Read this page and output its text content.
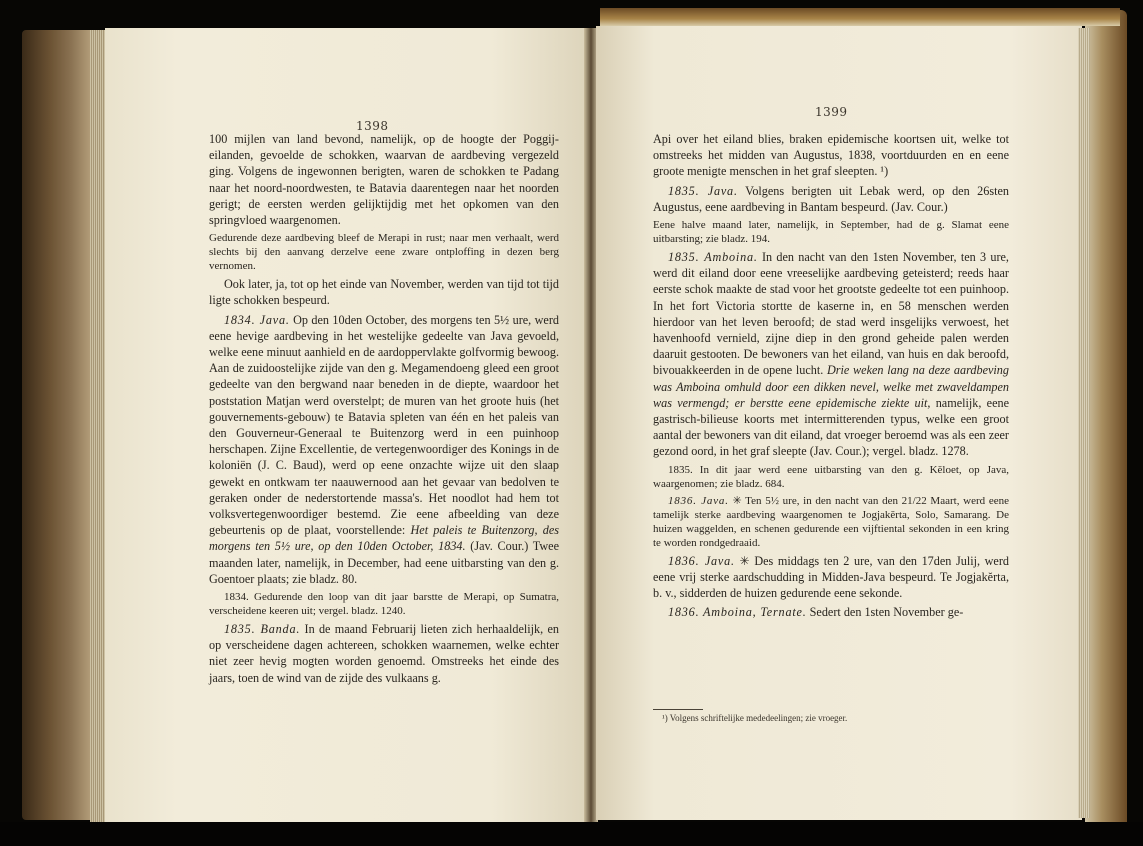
1398

100 mijlen van land bevond, namelijk, op de hoogte der Poggij-eilanden, gevoelde de schokken, waarvan de aardbeving vergezeld ging. Volgens de ingewonnen berigten, waren de schokken te Padang naar het noord-noordwesten, te Batavia daarentegen naar het noorden gerigt; de eersten werden gelijktijdig met het opkomen van den springvloed waargenomen.

Gedurende deze aardbeving bleef de Merapi in rust; naar men verhaalt, werd slechts bij den aanvang derzelve eene zware ontploffing in dezen berg vernomen.

Ook later, ja, tot op het einde van November, werden van tijd tot tijd ligte schokken bespeurd.

1834. Java. Op den 10den October, des morgens ten 5½ ure, werd eene hevige aardbeving in het westelijke gedeelte van Java gevoeld, welke eene minuut aanhield en de aardoppervlakte golfvormig bewoog. Aan de zuidoostelijke zijde van den g. Megamendoeng gleed een groot gedeelte van den bergwand naar beneden in de diepte, waardoor het poststation Matjan werd overstelpt; de muren van het groote huis (het gouvernements-gebouw) te Batavia spleten van één en het paleis van den Gouverneur-Generaal te Buitenzorg werd in een puinhoop herschapen. Zijne Excellentie, de vertegenwoordiger des Konings in de koloniën (J. C. Baud), werd op eene onzachte wijze uit den slaap gewekt en ontkwam ter naauwernood aan het gevaar van bedolven te geraken onder de nederstortende massa's. Het noodlot had hem tot volksvertegenwoordiger bestemd. Zie eene afbeelding van deze gebeurtenis op de plaat, voorstellende: Het paleis te Buitenzorg, des morgens ten 5½ ure, op den 10den October, 1834. (Jav. Cour.) Twee maanden later, namelijk, in December, had eene uitbarsting van den g. Goentoer plaats; zie bladz. 80.

1834. Gedurende den loop van dit jaar barstte de Merapi, op Sumatra, verscheidene keeren uit; vergel. bladz. 1240.

1835. Banda. In de maand Februarij lieten zich herhaaldelijk, en op verscheidene dagen achtereen, schokken waarnemen, welke echter niet zeer hevig mogten worden genoemd. Omstreeks het einde des jaars, toen de wind van de zijde des vulkaans g.

1399

Api over het eiland blies, braken epidemische koortsen uit, welke tot omstreeks het midden van Augustus, 1838, voortduurden en en eene groote menigte menschen in het graf sleepten. ¹)

1835. Java. Volgens berigten uit Lebak werd, op den 26sten Augustus, eene aardbeving in Bantam bespeurd. (Jav. Cour.)

Eene halve maand later, namelijk, in September, had de g. Slamat eene uitbarsting; zie bladz. 194.

1835. Amboina. In den nacht van den 1sten November, ten 3 ure, werd dit eiland door eene vreeselijke aardbeving geteisterd; reeds haar eerste schok maakte de stad voor het grootste gedeelte tot een puinhoop. In het fort Victoria stortte de kaserne in, en 58 menschen werden hierdoor van het leven beroofd; de stad werd insgelijks verwoest, het havenhoofd vernield, zijne diep in den grond geheide palen werden daaruit gestooten. De bewoners van het eiland, van huis en dak beroofd, bivouakkeerden in de opene lucht. Drie weken lang na deze aardbeving was Amboina omhuld door een dikken nevel, welke met zwaveldampen was vermengd; er berstte eene epidemische ziekte uit, namelijk, eene gastrisch-bilieuse koorts met intermitterenden typus, welke een groot aantal der bewoners van dit eiland, dat vroeger beroemd was als een zeer gezond oord, in het graf sleepte (Jav. Cour.); vergel. bladz. 1278.

1835. In dit jaar werd eene uitbarsting van den g. Kĕloet, op Java, waargenomen; zie bladz. 684.

1836. Java. ✳ Ten 5½ ure, in den nacht van den 21/22 Maart, werd eene tamelijk sterke aardbeving waargenomen te Jogjakĕrta, Solo, Samarang. De huizen waggelden, en schenen gedurende een vijftiental sekonden in een kring te worden rondgedraaid.

1836. Java. ✳ Des middags ten 2 ure, van den 17den Julij, werd eene vrij sterke aardschudding in Midden-Java bespeurd. Te Jogjakĕrta, b. v., sidderden de huizen gedurende eene sekonde.

1836. Amboina, Ternate. Sedert den 1sten November ge-

¹) Volgens schriftelijke mededeelingen; zie vroeger.
